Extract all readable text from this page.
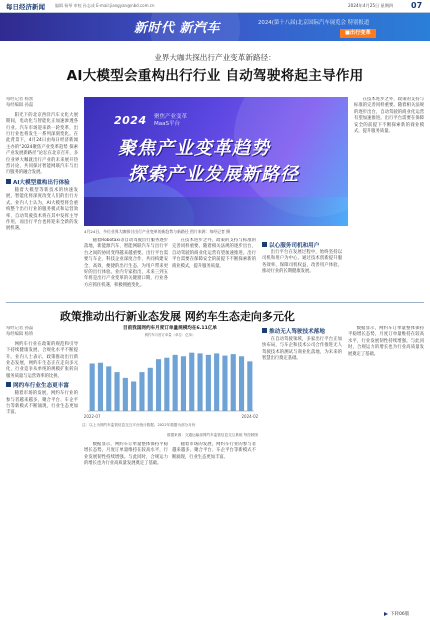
每日经济新闻	编辑 杨琴 审校 孙志成 E-mail:jiangyan@nbd.com.cn	2024年4月25日 星期四 07
新时代 新汽车	2024(第十八届)北京国际汽车展览会 特别报道
■出行变革
业界大咖共探出行产业变革新路径：
AI大模型会重构出行行业 自动驾驶将起主导作用
每经记者 杨蕾
每经编辑 孙磊
阳光下的北京西洋汽车文化大展期间，电动化与智能化正加速渗透各行业。汽车市场迎来新一轮变革，出行行业也将发生一系列深刻变化。在此背景下，4月24日由每日经济新闻主办的“2024聚焦产业变革趋势 探索产业发展新路径”论坛在北京召开，多位业界大咖就出行产业的未来展开热烈讨论，共同探讨智能网联汽车与出行服务的融合发展。
AI大模型重构出行体验
随着大模型等新技术的快速发展，智能化将深度改变人们的出行方式。业内人士认为，AI大模型将会重构整个出行行业的服务模式和运营效率，自动驾驶技术将在其中发挥主导作用，而出行平台也将迎来全新的发展机遇。
在技术进步之外，政策的支持与标准的完善同样重要。随着相关法规的逐步出台，自动驾驶的商业化运营有望加速推进。出行平台需要在保障安全的前提下不断探索新的商业模式，提升服务质量。
2024 聚焦产业变革
MaaS平台
聚焦产业变革趋势
探索产业发展新路径
4月24日，多位业界大咖探讨出行产业变革的新趋势与新路径 图片来源：每经记者 摄
随着Robotaxi等自动驾驶出行服务逐步落地，新能源汽车、智能网联汽车与出行平台之间的协同变得越来越重要。出行平台需要与车企、科技企业深度合作，共同构建安全、高效、便捷的出行生态，为用户带来更好的出行体验。业内专家指出，未来三到五年将是出行产业变革的关键窗口期，行业各方应抓住机遇，积极拥抱变化。
在技术进步之外，政策的支持与标准的完善同样重要。随着相关法规的逐步出台，自动驾驶的商业化运营有望加速推进。出行平台需要在保障安全的前提下不断探索新的商业模式，提升服务质量。
以心服务司机和用户
出行平台在发展过程中，始终坚持以司机和用户为中心，通过技术创新提升服务效率，保障司机权益，改善用户体验，推动行业的长期健康发展。
政策推动出行新业态发展 网约车生态走向多元化
每经记者 孙磊
每经编辑 杨娇
网约车行业在政策的规范和引导下持续健康发展，合规化水平不断提升。业内人士表示，政策推动出行新业态发展，网约车生态正在走向多元化，行业竞争从单纯的规模扩张转向服务质量与运营效率的比拼。
网约车行业生态更丰富
随着市场的发展，网约车行业的参与者越来越多，聚合平台、车企平台等新模式不断涌现，行业生态更加丰富。
目前我国网约车月度订单量规模均在6.11亿单
网约车月度订单量（单位：亿单）
2022-07	2024-02
注：以上为网约车监管信息交互平台统计数据；2022年数据为部分月份
数据来源：交通运输部网约车监管信息交互系统 每经制图
数据显示，网约车订单量整体保持平稳增长态势，月度订单量维持在较高水平，行业发展韧性持续增强。与此同时，合规运力的增长也为行业高质量发展奠定了基础。
随着市场的发展，网约车行业的参与者越来越多，聚合平台、车企平台等新模式不断涌现，行业生态更加丰富。
推动无人驾驶技术落地
在自动驾驶领域，多家出行平台正加快布局，与车企和技术公司合作推进无人驾驶技术的测试与商业化落地，为未来的智慧出行奠定基础。
数据显示，网约车订单量整体保持平稳增长态势，月度订单量维持在较高水平，行业发展韧性持续增强。与此同时，合规运力的增长也为行业高质量发展奠定了基础。
下转06版
